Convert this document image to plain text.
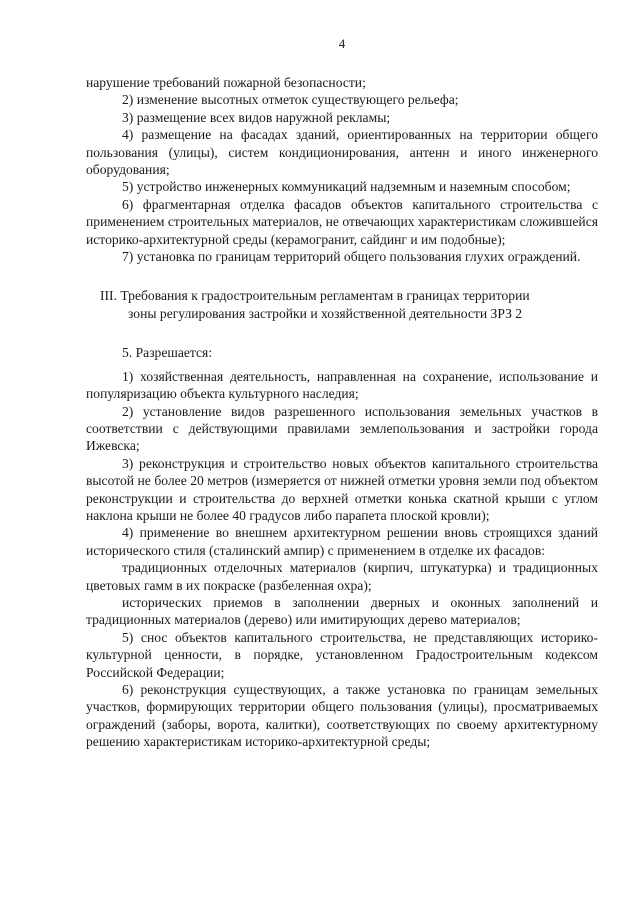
4

нарушение требований пожарной безопасности;

2) изменение высотных отметок существующего рельефа;

3) размещение всех видов наружной рекламы;

4) размещение на фасадах зданий, ориентированных на территории общего пользования (улицы), систем кондиционирования, антенн и иного инженерного оборудования;

5) устройство инженерных коммуникаций надземным и наземным способом;

6) фрагментарная отделка фасадов объектов капитального строительства с применением строительных материалов, не отвечающих характеристикам сложившейся историко-архитектурной среды (керамогранит, сайдинг и им подобные);

7) установка по границам территорий общего пользования глухих ограждений.

III. Требования к градостроительным регламентам в границах территории
зоны регулирования застройки и хозяйственной деятельности ЗРЗ 2

5. Разрешается:

1) хозяйственная деятельность, направленная на сохранение, использование и популяризацию объекта культурного наследия;

2) установление видов разрешенного использования земельных участков в соответствии с действующими правилами землепользования и застройки города Ижевска;

3) реконструкция и строительство новых объектов капитального строительства высотой не более 20 метров (измеряется от нижней отметки уровня земли под объектом реконструкции и строительства до верхней отметки конька скатной крыши с углом наклона крыши не более 40 градусов либо парапета плоской кровли);

4) применение во внешнем архитектурном решении вновь строящихся зданий исторического стиля (сталинский ампир) с применением в отделке их фасадов:

традиционных отделочных материалов (кирпич, штукатурка) и традиционных цветовых гамм в их покраске (разбеленная охра);

исторических приемов в заполнении дверных и оконных заполнений и традиционных материалов (дерево) или имитирующих дерево материалов;

5) снос объектов капитального строительства, не представляющих историко-культурной ценности, в порядке, установленном Градостроительным кодексом Российской Федерации;

6) реконструкция существующих, а также установка по границам земельных участков, формирующих территории общего пользования (улицы), просматриваемых ограждений (заборы, ворота, калитки), соответствующих по своему архитектурному решению характеристикам историко-архитектурной среды;
